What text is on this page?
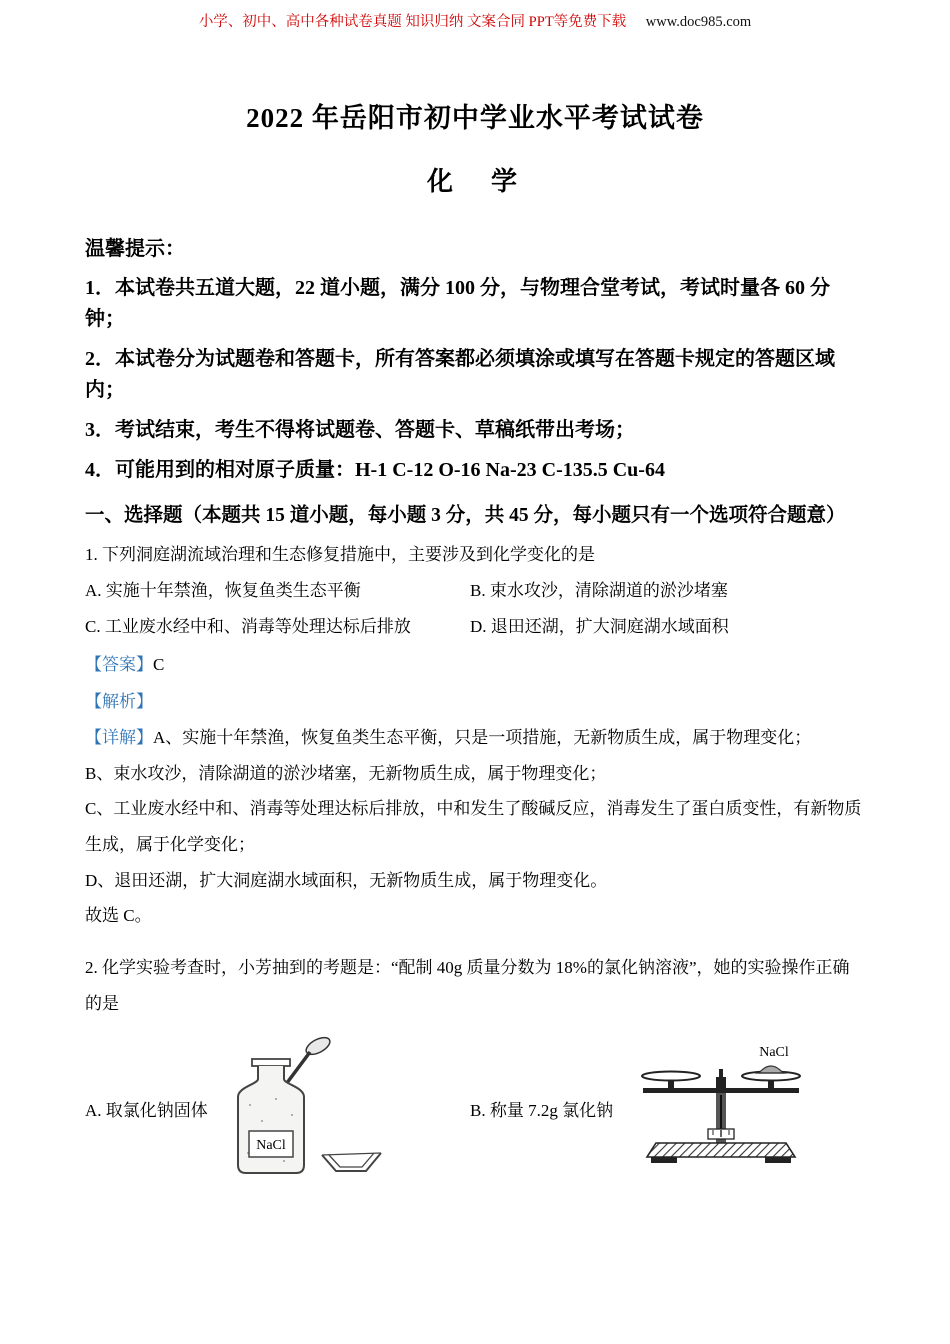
小学、初中、高中各种试卷真题 知识归纳 文案合同 PPT等免费下载 www.doc985.com
2022 年岳阳市初中学业水平考试试卷
化　学
温馨提示：

1．本试卷共五道大题，22 道小题，满分 100 分，与物理合堂考试，考试时量各 60 分钟；

2．本试卷分为试题卷和答题卡，所有答案都必须填涂或填写在答题卡规定的答题区域内；

3．考试结束，考生不得将试题卷、答题卡、草稿纸带出考场；

4．可能用到的相对原子质量：H-1 C-12 O-16 Na-23 C-135.5 Cu-64

一、选择题（本题共 15 道小题，每小题 3 分，共 45 分，每小题只有一个选项符合题意）

1. 下列洞庭湖流域治理和生态修复措施中，主要涉及到化学变化的是

A. 实施十年禁渔，恢复鱼类生态平衡	B. 束水攻沙，清除湖道的淤沙堵塞
C. 工业废水经中和、消毒等处理达标后排放	D. 退田还湖，扩大洞庭湖水域面积

【答案】C

【解析】

【详解】A、实施十年禁渔，恢复鱼类生态平衡，只是一项措施，无新物质生成，属于物理变化；

B、束水攻沙，清除湖道的淤沙堵塞，无新物质生成，属于物理变化；

C、工业废水经中和、消毒等处理达标后排放，中和发生了酸碱反应，消毒发生了蛋白质变性，有新物质生成，属于化学变化；

D、退田还湖，扩大洞庭湖水域面积，无新物质生成，属于物理变化。

故选 C。

2. 化学实验考查时，小芳抽到的考题是：“配制 40g 质量分数为 18%的氯化钠溶液”，她的实验操作正确的是

A. 取氯化钠固体
NaCl
B. 称量 7.2g 氯化钠
NaCl
